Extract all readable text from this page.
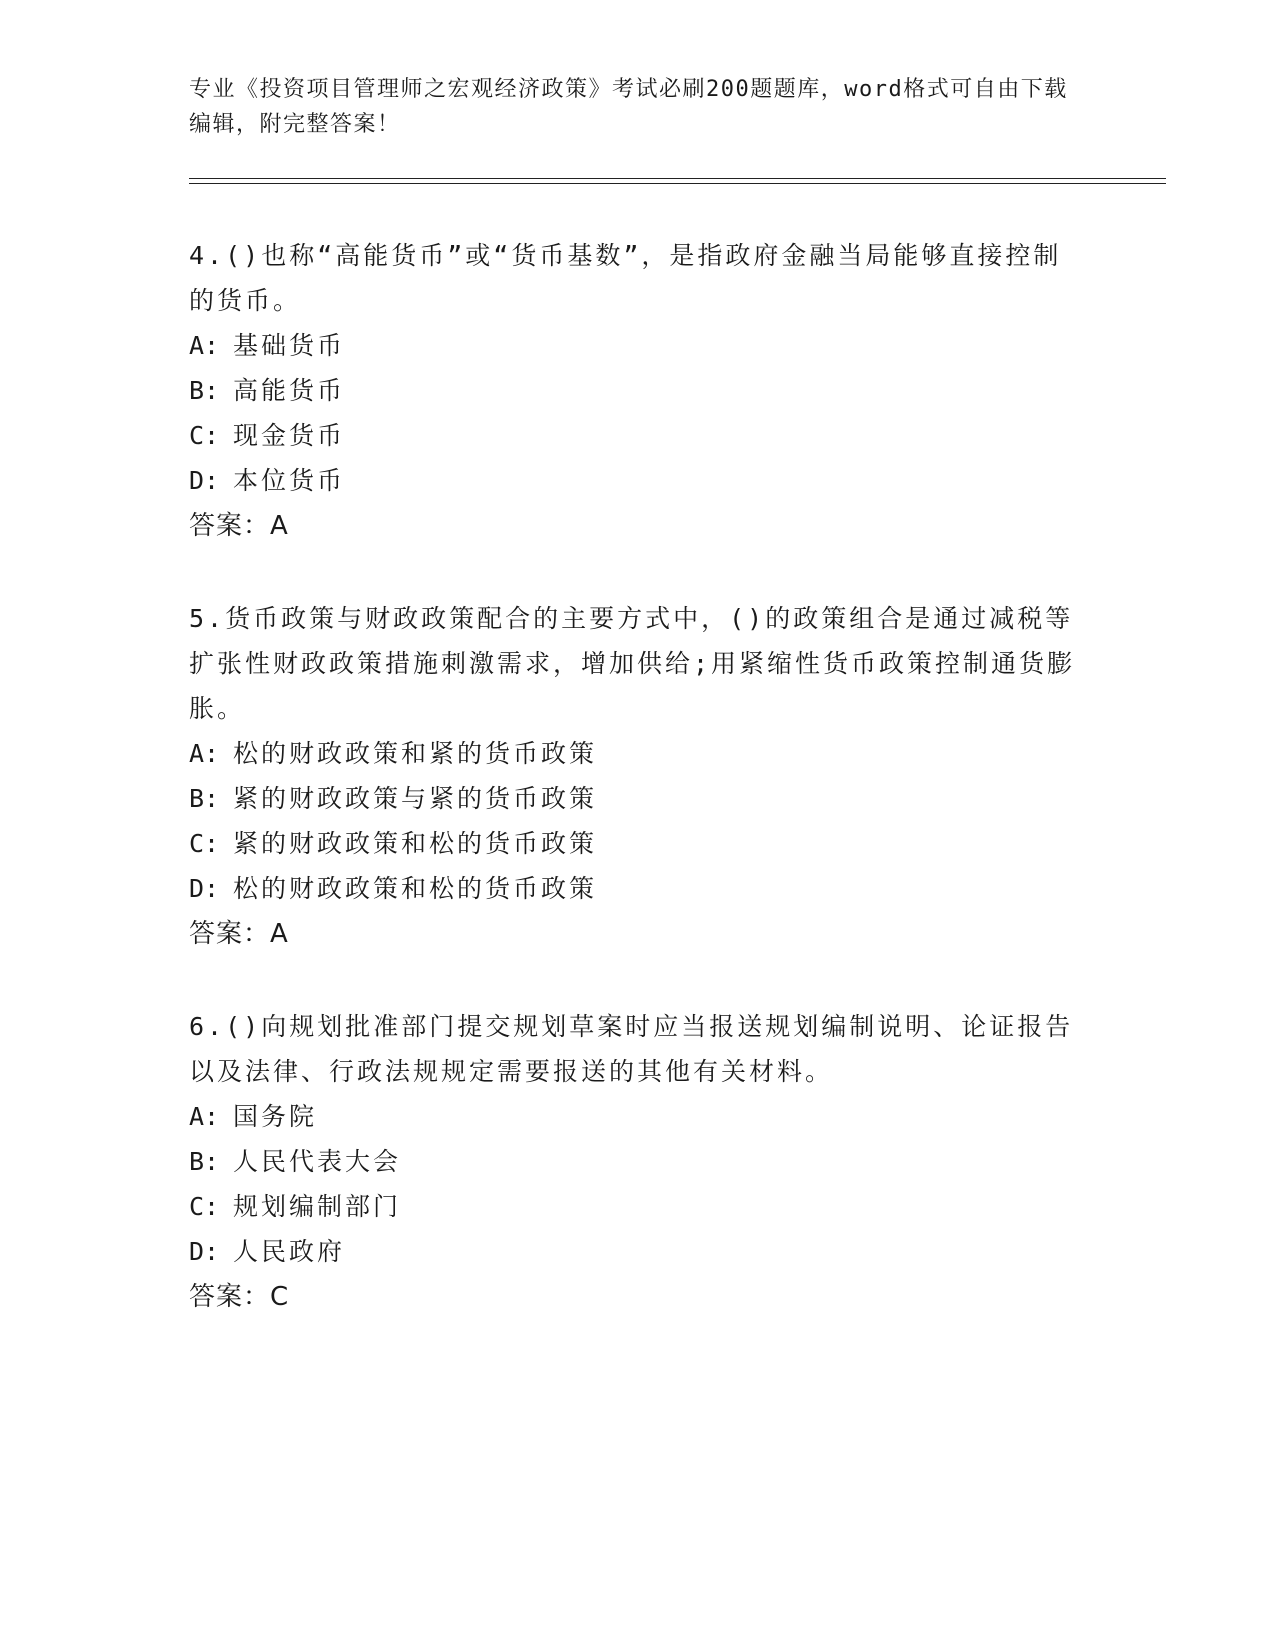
专业《投资项目管理师之宏观经济政策》考试必刷200题题库，word格式可自由下载编辑，附完整答案！

4.()也称“高能货币”或“货币基数”，是指政府金融当局能够直接控制的货币。

A: 基础货币

B: 高能货币

C: 现金货币

D: 本位货币

答案：A

5.货币政策与财政政策配合的主要方式中，()的政策组合是通过减税等扩张性财政政策措施刺激需求，增加供给;用紧缩性货币政策控制通货膨胀。

A: 松的财政政策和紧的货币政策

B: 紧的财政政策与紧的货币政策

C: 紧的财政政策和松的货币政策

D: 松的财政政策和松的货币政策

答案：A

6.()向规划批准部门提交规划草案时应当报送规划编制说明、论证报告以及法律、行政法规规定需要报送的其他有关材料。

A: 国务院

B: 人民代表大会

C: 规划编制部门

D: 人民政府

答案：C
